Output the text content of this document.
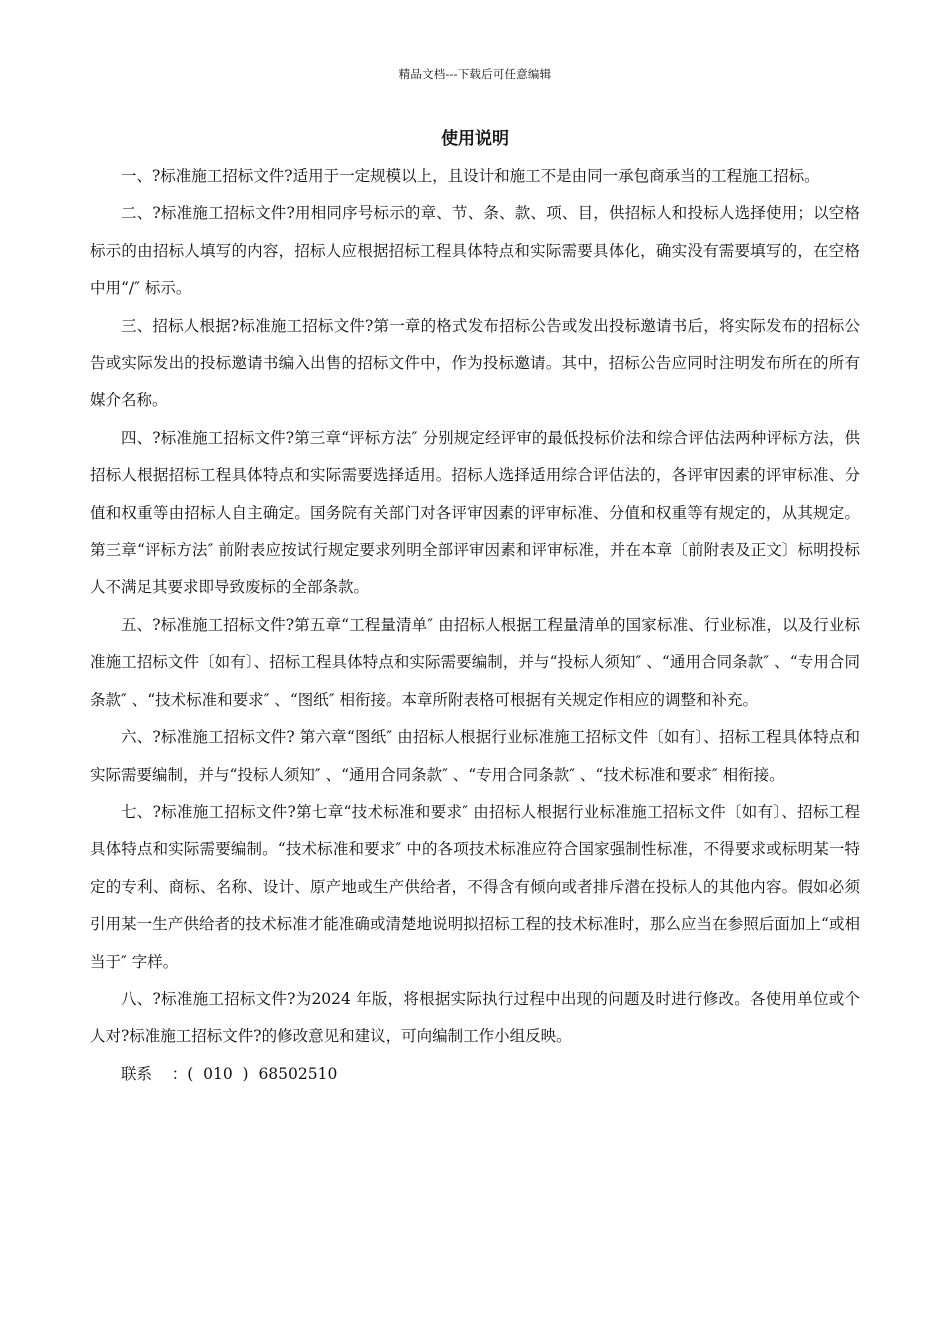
精品文档---下载后可任意编辑
使用说明

一、?标准施工招标文件?适用于一定规模以上，且设计和施工不是由同一承包商承当的工程施工招标。

二、?标准施工招标文件?用相同序号标示的章、节、条、款、项、目，供招标人和投标人选择使用；以空格标示的由招标人填写的内容，招标人应根据招标工程具体特点和实际需要具体化，确实没有需要填写的，在空格中用“/″ 标示。

三、招标人根据?标准施工招标文件?第一章的格式发布招标公告或发出投标邀请书后，将实际发布的招标公告或实际发出的投标邀请书编入出售的招标文件中，作为投标邀请。其中，招标公告应同时注明发布所在的所有媒介名称。

四、?标准施工招标文件?第三章“评标方法″ 分别规定经评审的最低投标价法和综合评估法两种评标方法，供招标人根据招标工程具体特点和实际需要选择适用。招标人选择适用综合评估法的，各评审因素的评审标准、分值和权重等由招标人自主确定。国务院有关部门对各评审因素的评审标准、分值和权重等有规定的，从其规定。第三章“评标方法″ 前附表应按试行规定要求列明全部评审因素和评审标准，并在本章〔前附表及正文〕标明投标人不满足其要求即导致废标的全部条款。

五、?标准施工招标文件?第五章“工程量清单″ 由招标人根据工程量清单的国家标准、行业标准，以及行业标准施工招标文件〔如有〕、招标工程具体特点和实际需要编制，并与“投标人须知″ 、“通用合同条款″ 、“专用合同条款″ 、“技术标准和要求″ 、“图纸″ 相衔接。本章所附表格可根据有关规定作相应的调整和补充。

六、?标准施工招标文件? 第六章“图纸″ 由招标人根据行业标准施工招标文件〔如有〕、招标工程具体特点和实际需要编制，并与“投标人须知″ 、“通用合同条款″ 、“专用合同条款″ 、“技术标准和要求″ 相衔接。

七、?标准施工招标文件?第七章“技术标准和要求″ 由招标人根据行业标准施工招标文件〔如有〕、招标工程具体特点和实际需要编制。“技术标准和要求″ 中的各项技术标准应符合国家强制性标准，不得要求或标明某一特定的专利、商标、名称、设计、原产地或生产供给者，不得含有倾向或者排斥潜在投标人的其他内容。假如必须引用某一生产供给者的技术标准才能准确或清楚地说明拟招标工程的技术标准时，那么应当在参照后面加上“或相当于″ 字样。

八、?标准施工招标文件?为2024 年版，将根据实际执行过程中出现的问题及时进行修改。各使用单位或个人对?标准施工招标文件?的修改意见和建议，可向编制工作小组反映。

联系    ：(  010  )  68502510
